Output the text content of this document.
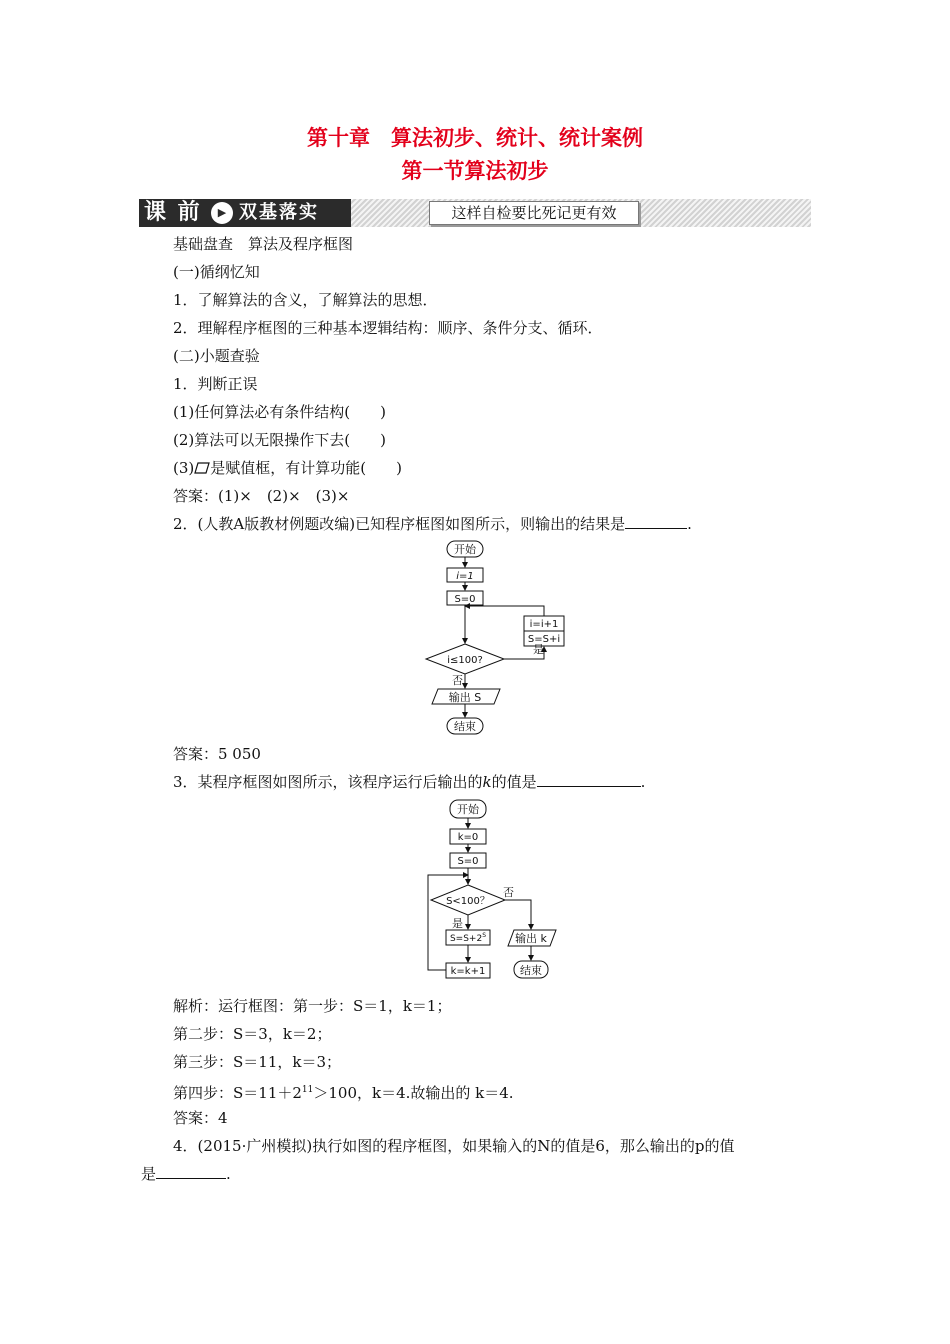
第十章　算法初步、统计、统计案例
第一节算法初步
课 前	▶ 双基落实	这样自检要比死记更有效
基础盘查　算法及程序框图
(一)循纲忆知
1．了解算法的含义，了解算法的思想．
2．理解程序框图的三种基本逻辑结构：顺序、条件分支、循环．
(二)小题查验
1．判断正误
(1)任何算法必有条件结构(　　)
(2)算法可以无限操作下去(　　)
(3) 是赋值框，有计算功能(　　)
答案：(1)×　(2)×　(3)×
2．(人教A版教材例题改编)已知程序框图如图所示，则输出的结果是	.
开始
i=1
S=0
i=i+1
S=S+i
i≤100?
是
否
输出 S
结束
答案：5 050
3．某程序框图如图所示，该程序运行后输出的k的值是	.
开始
k=0
S=0
S<100？
否
是
$S=S+2^S$
k=k+1
输出 k
结束
解析：运行框图：第一步：S＝1，k＝1；
第二步：S＝3，k＝2；
第三步：S＝11，k＝3；
第四步：$S=11+2^{11}>100$，k＝4.故输出的 k＝4.
答案：4
4．(2015·广州模拟)执行如图的程序框图，如果输入的N的值是6，那么输出的p的值
是	.
